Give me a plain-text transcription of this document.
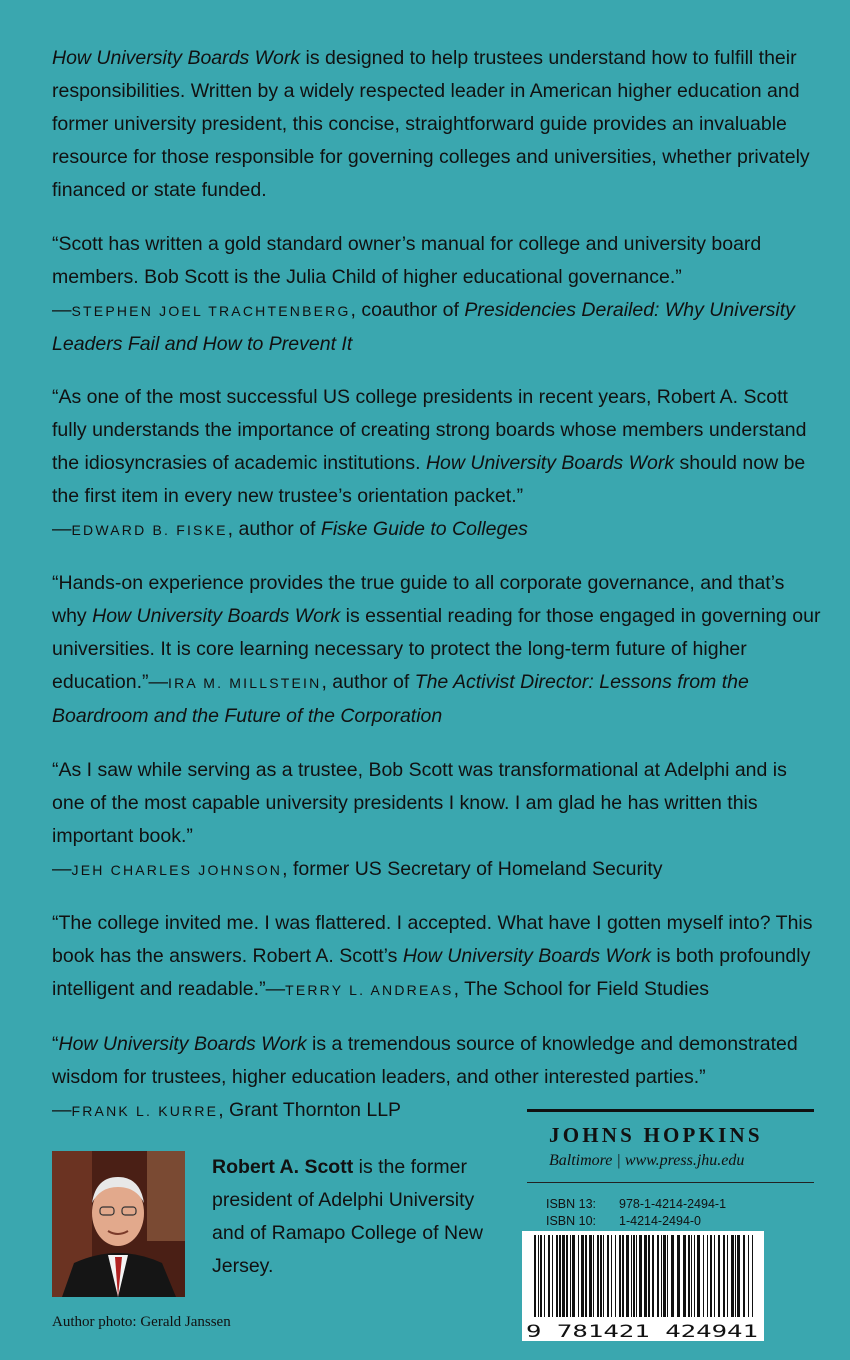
How University Boards Work is designed to help trustees understand how to fulfill their responsibilities. Written by a widely respected leader in American higher education and former university president, this concise, straightforward guide provides an invaluable resource for those responsible for governing colleges and universities, whether privately financed or state funded.

“Scott has written a gold standard owner’s manual for college and university board members. Bob Scott is the Julia Child of higher educational governance.”
—STEPHEN JOEL TRACHTENBERG, coauthor of Presidencies Derailed: Why University Leaders Fail and How to Prevent It

“As one of the most successful US college presidents in recent years, Robert A. Scott fully understands the importance of creating strong boards whose members understand the idiosyncrasies of academic institutions. How University Boards Work should now be the first item in every new trustee’s orientation packet.”
—EDWARD B. FISKE, author of Fiske Guide to Colleges

“Hands-on experience provides the true guide to all corporate governance, and that’s why How University Boards Work is essential reading for those engaged in governing our universities. It is core learning necessary to protect the long-term future of higher education.”—IRA M. MILLSTEIN, author of The Activist Director: Lessons from the Boardroom and the Future of the Corporation

“As I saw while serving as a trustee, Bob Scott was transformational at Adelphi and is one of the most capable university presidents I know. I am glad he has written this important book.”
—JEH CHARLES JOHNSON, former US Secretary of Homeland Security

“The college invited me. I was flattered. I accepted. What have I gotten myself into? This book has the answers. Robert A. Scott’s How University Boards Work is both profoundly intelligent and readable.”—TERRY L. ANDREAS, The School for Field Studies

“How University Boards Work is a tremendous source of knowledge and demonstrated wisdom for trustees, higher education leaders, and other interested parties.”
—FRANK L. KURRE, Grant Thornton LLP

JOHNS HOPKINS
Baltimore | www.press.jhu.edu
ISBN 13: 978-1-4214-2494-1
ISBN 10: 1-4214-2494-0
9 781421 424941
Robert A. Scott is the former president of Adelphi University and of Ramapo College of New Jersey.
Author photo: Gerald Janssen
